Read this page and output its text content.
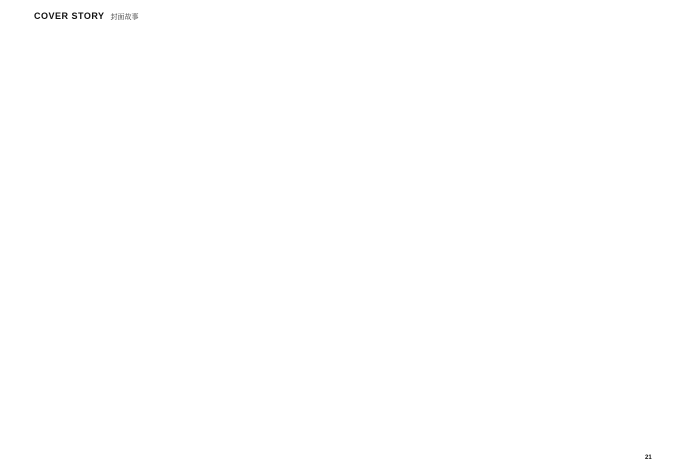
COVER STORY 封面故事

21
